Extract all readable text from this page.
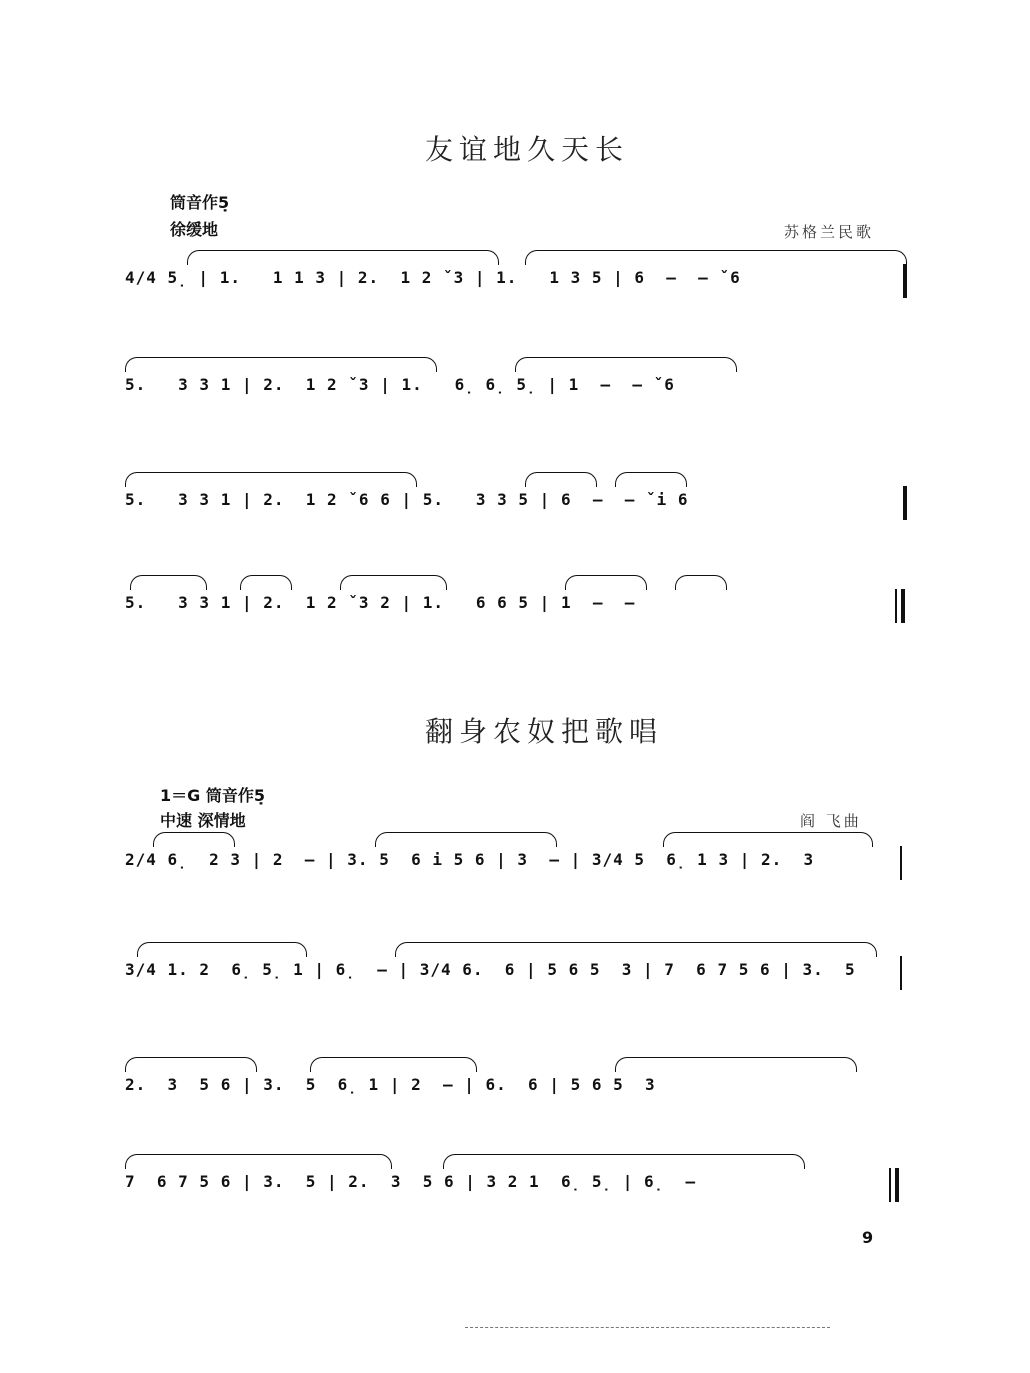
友谊地久天长
筒音作5̣
徐缓地	苏格兰民歌
4/4 5̣ | 1.   1 1 3 | 2.  1 2 ˇ3 | 1.   1 3 5 | 6  –  – ˇ6
5.   3 3 1 | 2.  1 2 ˇ3 | 1.   6̣ 6̣ 5̣ | 1  –  – ˇ6
5.   3 3 1 | 2.  1 2 ˇ6 6 | 5.   3 3 5 | 6  –  – ˇi 6
5.   3 3 1 | 2.  1 2 ˇ3 2 | 1.   6 6 5 | 1  –  –
翻身农奴把歌唱
1＝G 筒音作5̣
中速 深情地	阎 飞曲
2/4 6̣  2 3 | 2  – | 3. 5  6 i 5 6 | 3  – | 3/4 5  6̣ 1 3 | 2.  3
3/4 1. 2  6̣ 5̣ 1 | 6̣  – | 3/4 6.  6 | 5 6 5  3 | 7  6 7 5 6 | 3.  5
2.  3  5 6 | 3.  5  6̣ 1 | 2  – | 6.  6 | 5 6 5  3
7  6 7 5 6 | 3.  5 | 2.  3  5 6 | 3 2 1  6̣ 5̣ | 6̣  –
9
